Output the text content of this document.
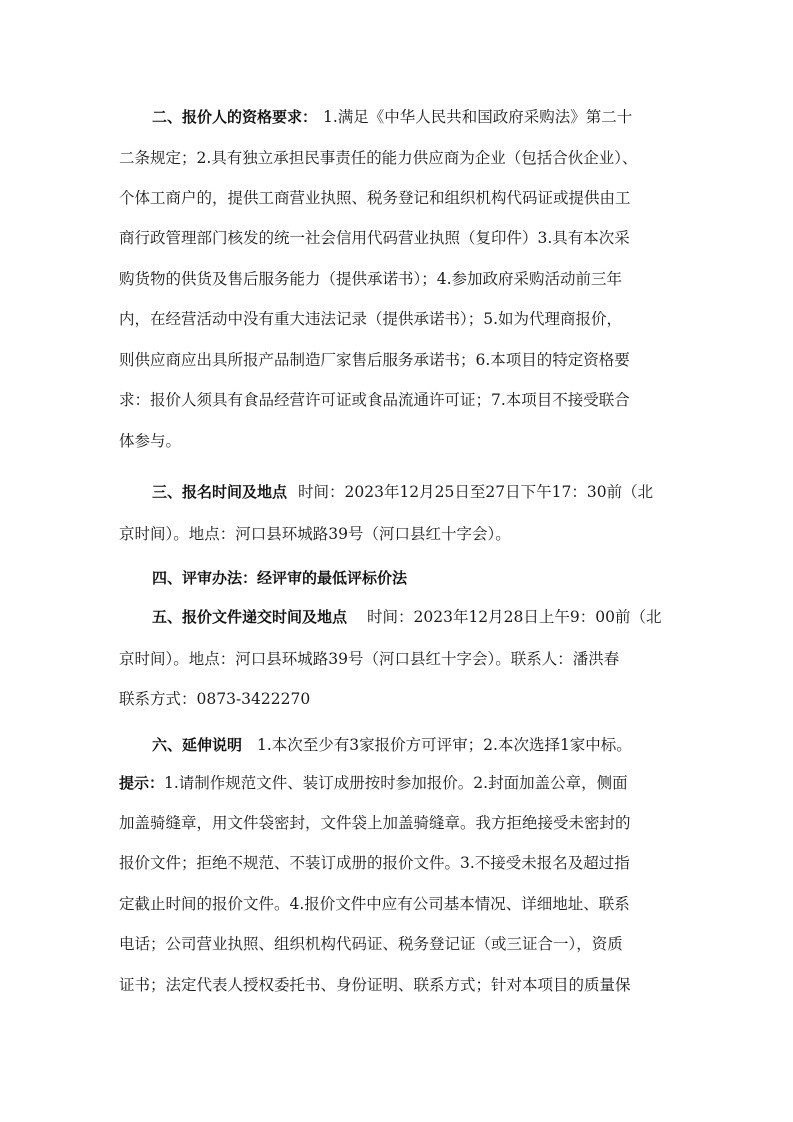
二、报价人的资格要求： 1.满足《中华人民共和国政府采购法》第二十
二条规定；2.具有独立承担民事责任的能力供应商为企业（包括合伙企业）、
个体工商户的，提供工商营业执照、税务登记和组织机构代码证或提供由工
商行政管理部门核发的统一社会信用代码营业执照（复印件）3.具有本次采
购货物的供货及售后服务能力（提供承诺书）；4.参加政府采购活动前三年
内，在经营活动中没有重大违法记录（提供承诺书）；5.如为代理商报价，
则供应商应出具所报产品制造厂家售后服务承诺书；6.本项目的特定资格要
求：报价人须具有食品经营许可证或食品流通许可证；7.本项目不接受联合
体参与。
三、报名时间及地点 时间：2023年12月25日至27日下午17：30前（北
京时间）。地点：河口县环城路39号（河口县红十字会）。
四、评审办法：经评审的最低评标价法
五、报价文件递交时间及地点 时间：2023年12月28日上午9：00前（北
京时间）。地点：河口县环城路39号（河口县红十字会）。联系人：潘洪春
联系方式：0873-3422270
六、延伸说明 1.本次至少有3家报价方可评审；2.本次选择1家中标。
提示： 1.请制作规范文件、装订成册按时参加报价。2.封面加盖公章，侧面
加盖骑缝章，用文件袋密封，文件袋上加盖骑缝章。我方拒绝接受未密封的
报价文件；拒绝不规范、不装订成册的报价文件。3.不接受未报名及超过指
定截止时间的报价文件。4.报价文件中应有公司基本情况、详细地址、联系
电话；公司营业执照、组织机构代码证、税务登记证（或三证合一），资质
证书；法定代表人授权委托书、身份证明、联系方式；针对本项目的质量保
